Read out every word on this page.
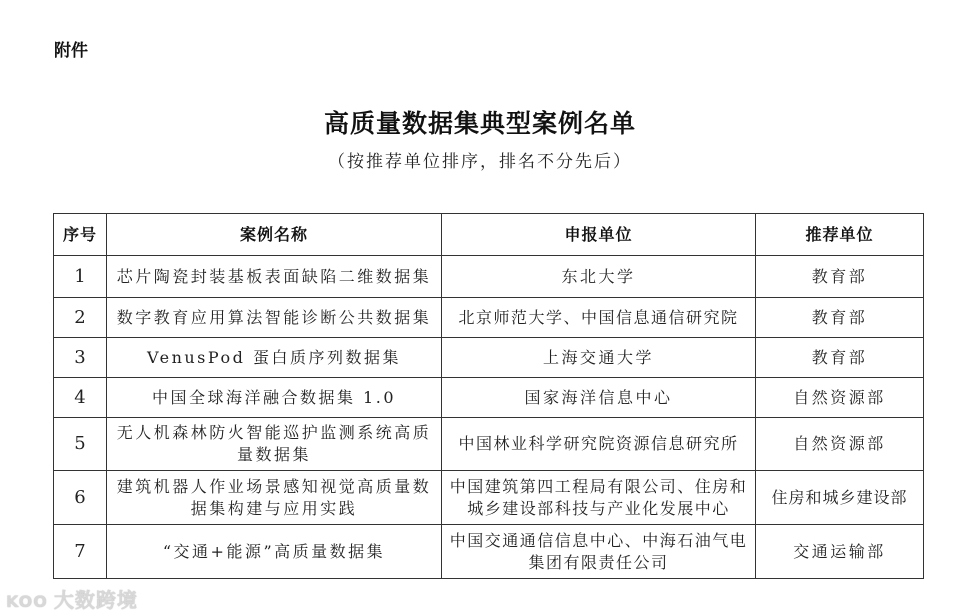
附件
高质量数据集典型案例名单
（按推荐单位排序，排名不分先后）
序号	案例名称	申报单位	推荐单位
1	芯片陶瓷封装基板表面缺陷二维数据集	东北大学	教育部
2	数字教育应用算法智能诊断公共数据集	北京师范大学、中国信息通信研究院	教育部
3	VenusPod 蛋白质序列数据集	上海交通大学	教育部
4	中国全球海洋融合数据集 1.0	国家海洋信息中心	自然资源部
5	无人机森林防火智能巡护监测系统高质量数据集	中国林业科学研究院资源信息研究所	自然资源部
6	建筑机器人作业场景感知视觉高质量数据集构建与应用实践	中国建筑第四工程局有限公司、住房和城乡建设部科技与产业化发展中心	住房和城乡建设部
7	“交通+能源”高质量数据集	中国交通通信信息中心、中海石油气电集团有限责任公司	交通运输部
KOO 大数跨境
